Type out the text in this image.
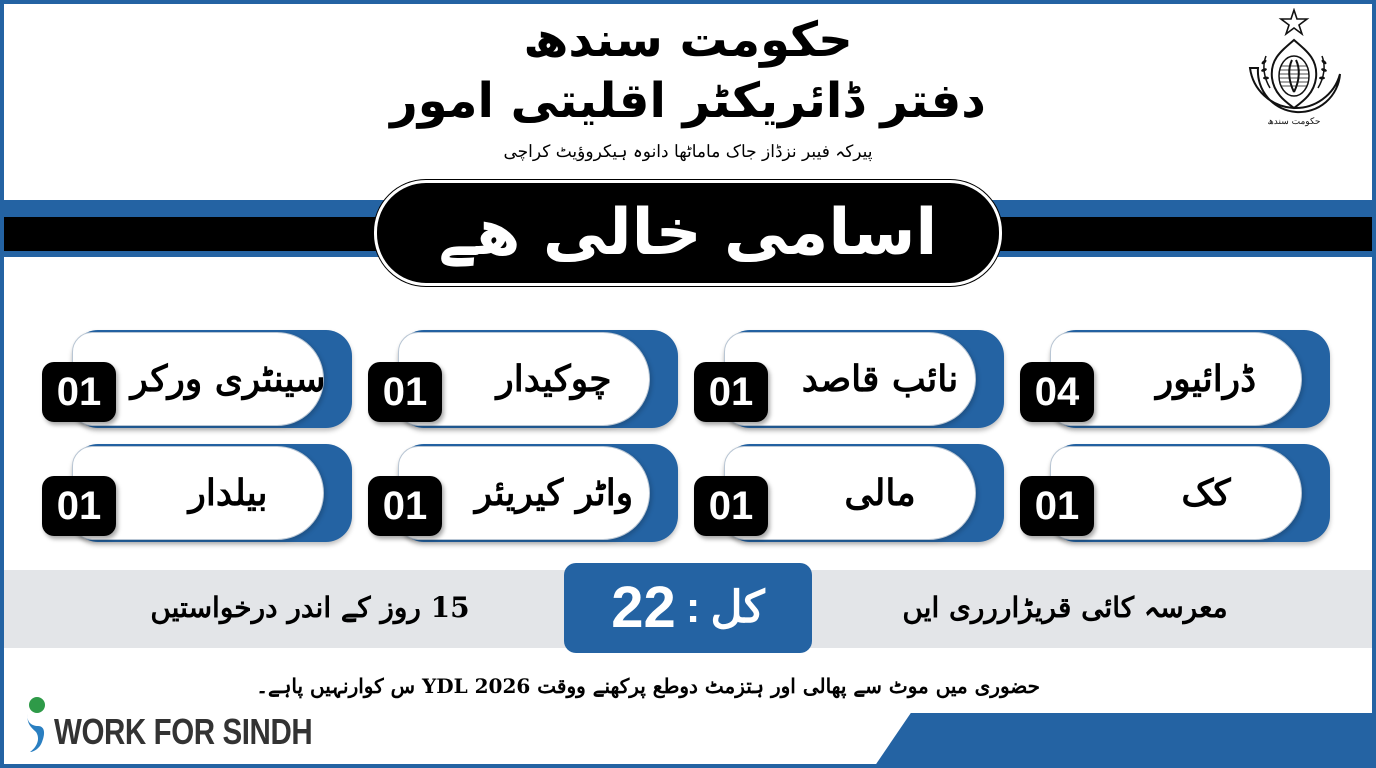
حکومت سندھ
دفتر ڈائریکٹر اقلیتی امور
پیرکہ فیبر نزڈاز جاک ماماٹھا دانوہ ہیکروؤیٹ کراچی
حکومت سندھ
اسامی خالی ھے
ڈرائیور
04
نائب قاصد
01
چوکیدار
01
سینٹری ورکر
01
کک
01
مالی
01
واٹر کیریئر
01
بیلدار
01
15 روز کے اندر درخواستیں	معرسہ کائی قریڑاررری ایں
22 : کل
حضوری میں موٹ سے پھالی اور ہتزمٹ دوطع پرکھنے ووقت YDL 2026 س کوارنہیں پاہے۔
WORK FOR SINDH
